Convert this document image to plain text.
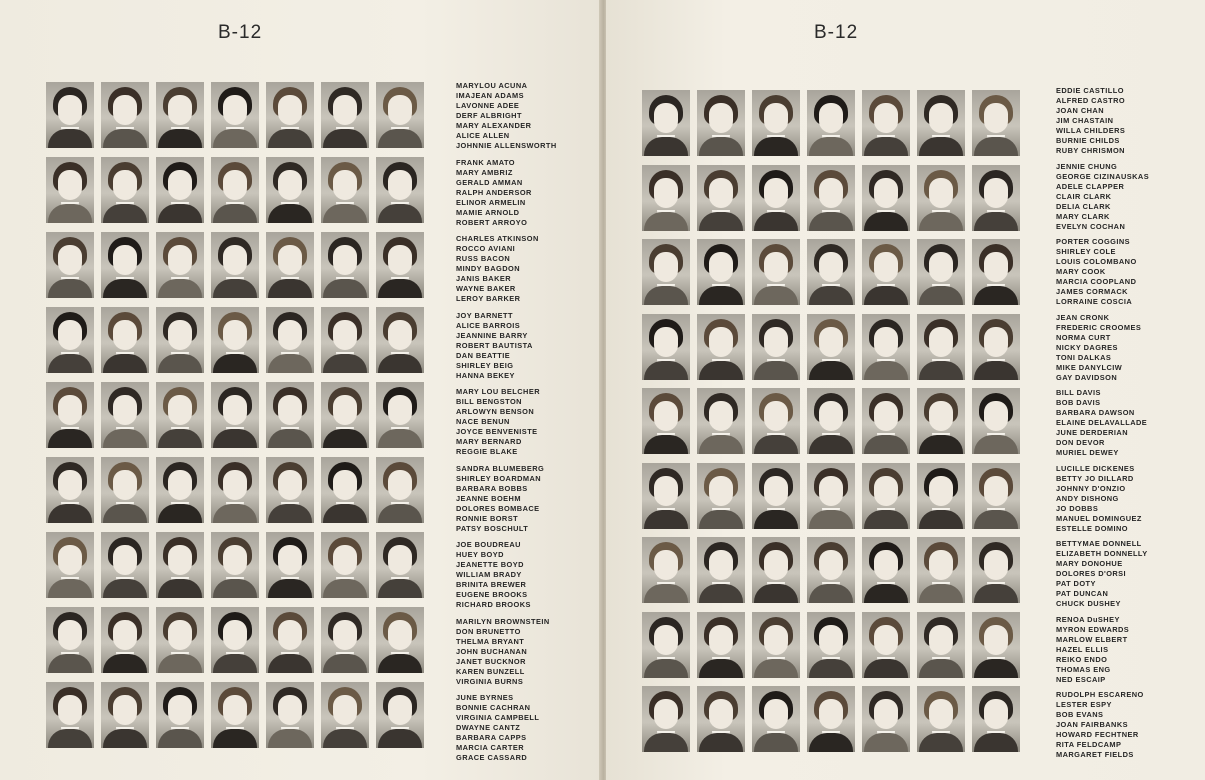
B-12
MARYLOU ACUNA
IMAJEAN ADAMS
LAVONNE ADEE
DERF ALBRIGHT
MARY ALEXANDER
ALICE ALLEN
JOHNNIE ALLENSWORTH
FRANK AMATO
MARY AMBRIZ
GERALD AMMAN
RALPH ANDERSOR
ELINOR ARMELIN
MAMIE ARNOLD
ROBERT ARROYO
CHARLES ATKINSON
ROCCO AVIANI
RUSS BACON
MINDY BAGDON
JANIS BAKER
WAYNE BAKER
LEROY BARKER
JOY BARNETT
ALICE BARROIS
JEANNINE BARRY
ROBERT BAUTISTA
DAN BEATTIE
SHIRLEY BEIG
HANNA BEKEY
MARY LOU BELCHER
BILL BENGSTON
ARLOWYN BENSON
NACE BENUN
JOYCE BENVENISTE
MARY BERNARD
REGGIE BLAKE
SANDRA BLUMEBERG
SHIRLEY BOARDMAN
BARBARA BOBBS
JEANNE BOEHM
DOLORES BOMBACE
RONNIE BORST
PATSY BOSCHULT
JOE BOUDREAU
HUEY BOYD
JEANETTE BOYD
WILLIAM BRADY
BRINITA BREWER
EUGENE BROOKS
RICHARD BROOKS
MARILYN BROWNSTEIN
DON BRUNETTO
THELMA BRYANT
JOHN BUCHANAN
JANET BUCKNOR
KAREN BUNZELL
VIRGINIA BURNS
JUNE BYRNES
BONNIE CACHRAN
VIRGINIA CAMPBELL
DWAYNE CANTZ
BARBARA CAPPS
MARCIA CARTER
GRACE CASSARD
B-12
EDDIE CASTILLO
ALFRED CASTRO
JOAN CHAN
JIM CHASTAIN
WILLA CHILDERS
BURNIE CHILDS
RUBY CHRISMON
JENNIE CHUNG
GEORGE CIZINAUSKAS
ADELE CLAPPER
CLAIR CLARK
DELIA CLARK
MARY CLARK
EVELYN COCHAN
PORTER COGGINS
SHIRLEY COLE
LOUIS COLOMBANO
MARY COOK
MARCIA COOPLAND
JAMES CORMACK
LORRAINE COSCIA
JEAN CRONK
FREDERIC CROOMES
NORMA CURT
NICKY DAGRES
TONI DALKAS
MIKE DANYLCIW
GAY DAVIDSON
BILL DAVIS
BOB DAVIS
BARBARA DAWSON
ELAINE DELAVALLADE
JUNE DERDERIAN
DON DEVOR
MURIEL DEWEY
LUCILLE DICKENES
BETTY JO DILLARD
JOHNNY D'ONZIO
ANDY DISHONG
JO DOBBS
MANUEL DOMINGUEZ
ESTELLE DOMINO
BETTYMAE DONNELL
ELIZABETH DONNELLY
MARY DONOHUE
DOLORES D'ORSI
PAT DOTY
PAT DUNCAN
CHUCK DUSHEY
RENOA DuSHEY
MYRON EDWARDS
MARLOW ELBERT
HAZEL ELLIS
REIKO ENDO
THOMAS ENG
NED ESCAIP
RUDOLPH ESCARENO
LESTER ESPY
BOB EVANS
JOAN FAIRBANKS
HOWARD FECHTNER
RITA FELDCAMP
MARGARET FIELDS
